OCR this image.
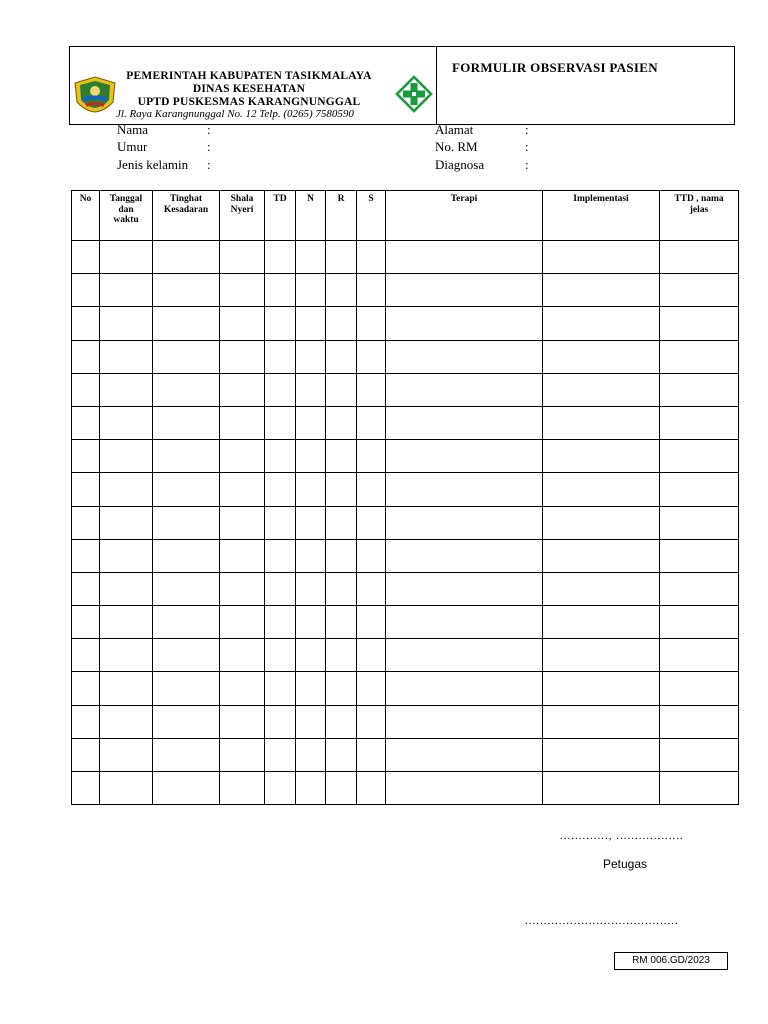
PEMERINTAH KABUPATEN TASIKMALAYA
DINAS KESEHATAN
UPTD PUSKESMAS KARANGNUNGGAL
Jl. Raya Karangnunggal No. 12 Telp. (0265) 7580590
FORMULIR OBSERVASI PASIEN
Nama	:
Umur	:
Jenis kelamin :
Alamat	:
No. RM	:
Diagnosa	:
No	Tanggal dan waktu	Tinghat Kesadaran	Shala Nyeri	TD	N	R	S	Terapi	Implementasi	TTD , nama jelas

............., ..................
Petugas
.........................................
RM 006.GD/2023
